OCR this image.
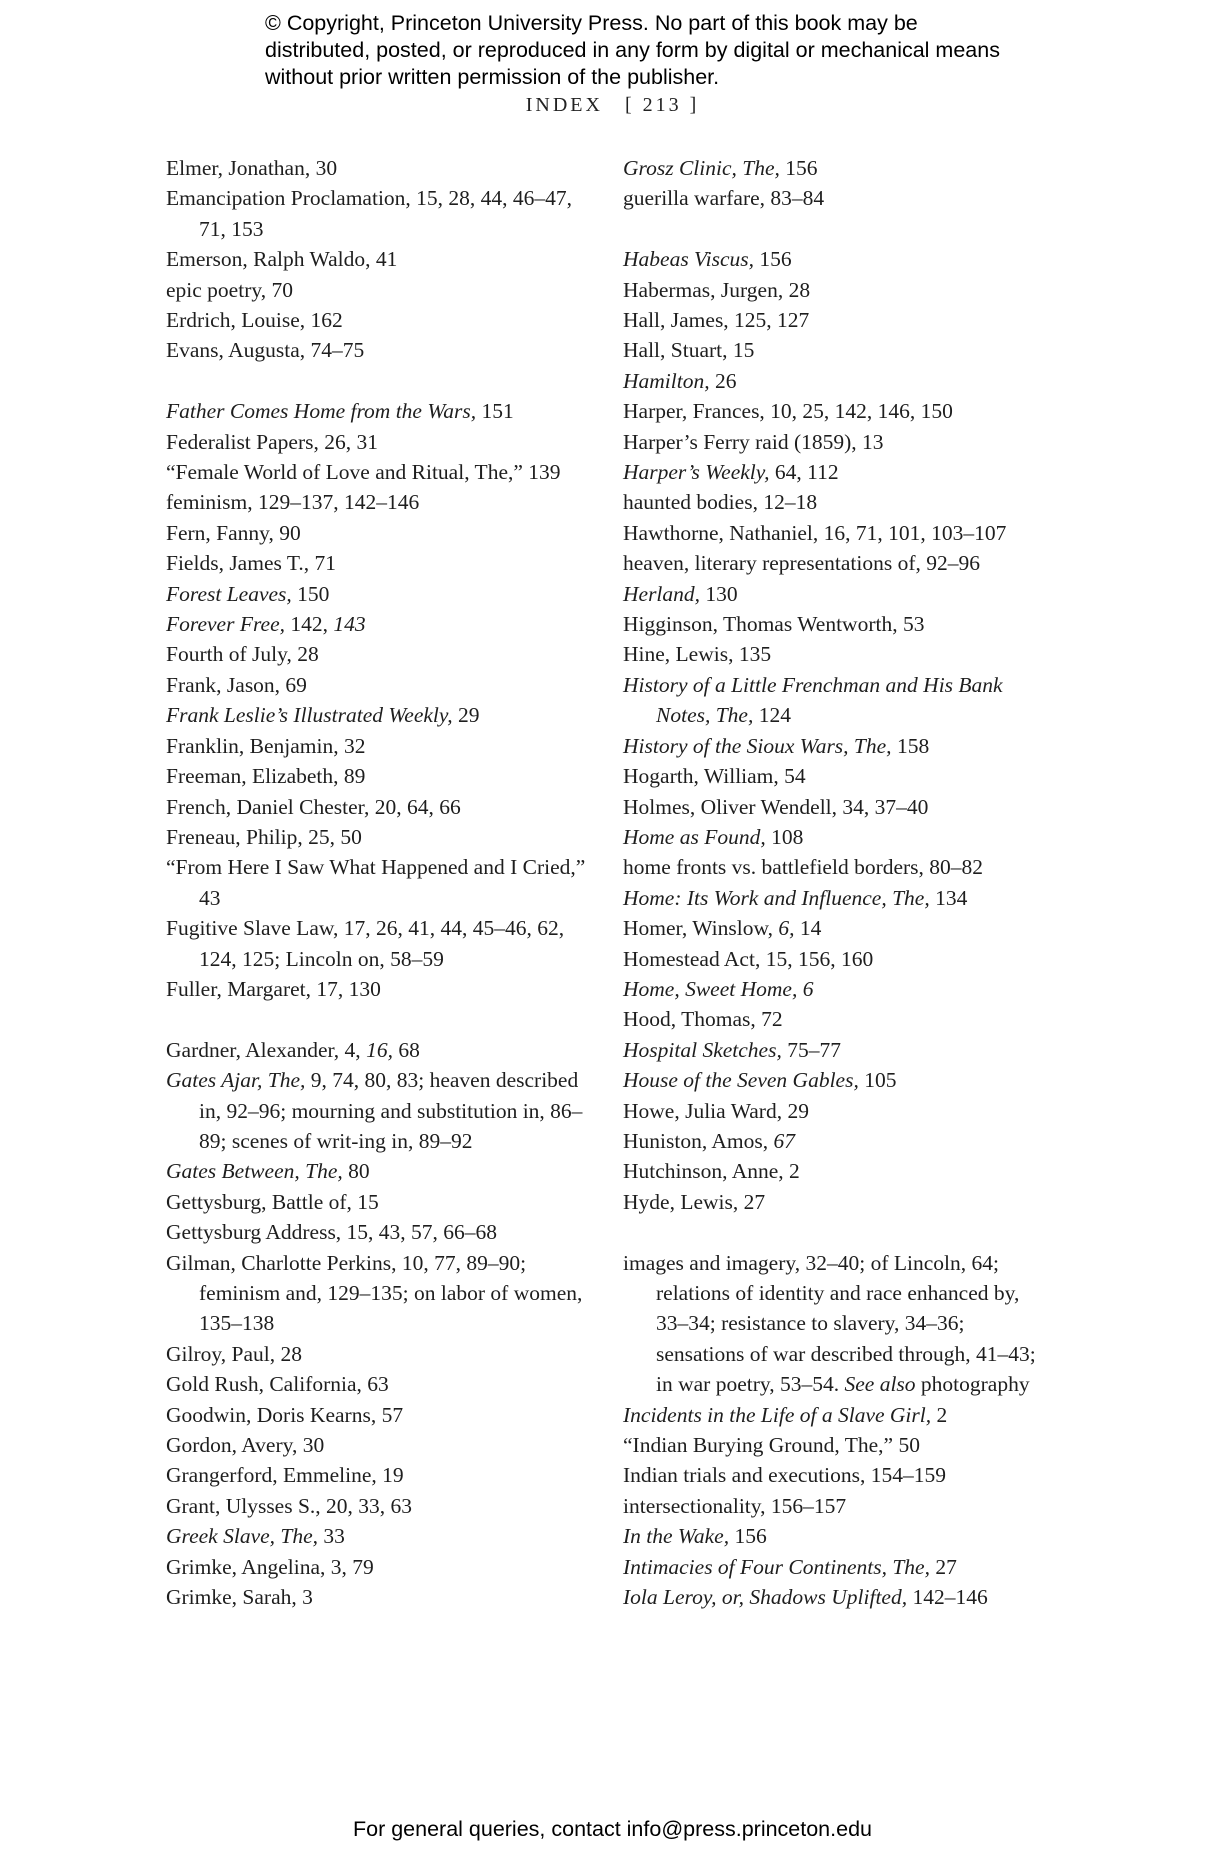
© Copyright, Princeton University Press. No part of this book may be distributed, posted, or reproduced in any form by digital or mechanical means without prior written permission of the publisher.
INDEX [ 213 ]
Elmer, Jonathan, 30
Emancipation Proclamation, 15, 28, 44, 46–47, 71, 153
Emerson, Ralph Waldo, 41
epic poetry, 70
Erdrich, Louise, 162
Evans, Augusta, 74–75
Father Comes Home from the Wars, 151
Federalist Papers, 26, 31
“Female World of Love and Ritual, The,” 139
feminism, 129–137, 142–146
Fern, Fanny, 90
Fields, James T., 71
Forest Leaves, 150
Forever Free, 142, 143
Fourth of July, 28
Frank, Jason, 69
Frank Leslie’s Illustrated Weekly, 29
Franklin, Benjamin, 32
Freeman, Elizabeth, 89
French, Daniel Chester, 20, 64, 66
Freneau, Philip, 25, 50
“From Here I Saw What Happened and I Cried,” 43
Fugitive Slave Law, 17, 26, 41, 44, 45–46, 62, 124, 125; Lincoln on, 58–59
Fuller, Margaret, 17, 130
Gardner, Alexander, 4, 16, 68
Gates Ajar, The, 9, 74, 80, 83; heaven described in, 92–96; mourning and substitution in, 86–89; scenes of writ-ing in, 89–92
Gates Between, The, 80
Gettysburg, Battle of, 15
Gettysburg Address, 15, 43, 57, 66–68
Gilman, Charlotte Perkins, 10, 77, 89–90; feminism and, 129–135; on labor of women, 135–138
Gilroy, Paul, 28
Gold Rush, California, 63
Goodwin, Doris Kearns, 57
Gordon, Avery, 30
Grangerford, Emmeline, 19
Grant, Ulysses S., 20, 33, 63
Greek Slave, The, 33
Grimke, Angelina, 3, 79
Grimke, Sarah, 3
Grosz Clinic, The, 156
guerilla warfare, 83–84
Habeas Viscus, 156
Habermas, Jurgen, 28
Hall, James, 125, 127
Hall, Stuart, 15
Hamilton, 26
Harper, Frances, 10, 25, 142, 146, 150
Harper’s Ferry raid (1859), 13
Harper’s Weekly, 64, 112
haunted bodies, 12–18
Hawthorne, Nathaniel, 16, 71, 101, 103–107
heaven, literary representations of, 92–96
Herland, 130
Higginson, Thomas Wentworth, 53
Hine, Lewis, 135
History of a Little Frenchman and His Bank Notes, The, 124
History of the Sioux Wars, The, 158
Hogarth, William, 54
Holmes, Oliver Wendell, 34, 37–40
Home as Found, 108
home fronts vs. battlefield borders, 80–82
Home: Its Work and Influence, The, 134
Homer, Winslow, 6, 14
Homestead Act, 15, 156, 160
Home, Sweet Home, 6
Hood, Thomas, 72
Hospital Sketches, 75–77
House of the Seven Gables, 105
Howe, Julia Ward, 29
Huniston, Amos, 67
Hutchinson, Anne, 2
Hyde, Lewis, 27
images and imagery, 32–40; of Lincoln, 64; relations of identity and race enhanced by, 33–34; resistance to slavery, 34–36; sensations of war described through, 41–43; in war poetry, 53–54. See also photography
Incidents in the Life of a Slave Girl, 2
“Indian Burying Ground, The,” 50
Indian trials and executions, 154–159
intersectionality, 156–157
In the Wake, 156
Intimacies of Four Continents, The, 27
Iola Leroy, or, Shadows Uplifted, 142–146
For general queries, contact info@press.princeton.edu
